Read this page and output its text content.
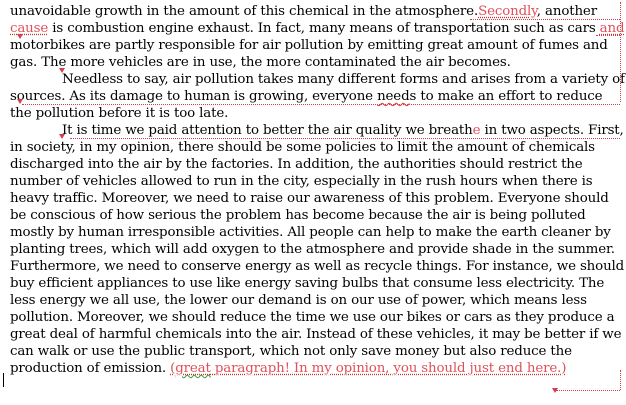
unavoidable growth in the amount of this chemical in the atmosphere.Secondly, another
cause is combustion engine exhaust. In fact, many means of transportation such as cars and
motorbikes are partly responsible for air pollution by emitting great amount of fumes and
gas. The more vehicles are in use, the more contaminated the air becomes.
Needless to say, air pollution takes many different forms and arises from a variety of
sources. As its damage to human is growing, everyone needs to make an effort to reduce
the pollution before it is too late.
It is time we paid attention to better the air quality we breathe in two aspects. First,
in society, in my opinion, there should be some policies to limit the amount of chemicals
discharged into the air by the factories. In addition, the authorities should restrict the
number of vehicles allowed to run in the city, especially in the rush hours when there is
heavy traffic. Moreover, we need to raise our awareness of this problem. Everyone should
be conscious of how serious the problem has become because the air is being polluted
mostly by human irresponsible activities. All people can help to make the earth cleaner by
planting trees, which will add oxygen to the atmosphere and provide shade in the summer.
Furthermore, we need to conserve energy as well as recycle things. For instance, we should
buy efficient appliances to use like energy saving bulbs that consume less electricity. The
less energy we all use, the lower our demand is on our use of power, which means less
pollution. Moreover, we should reduce the time we use our bikes or cars as they produce a
great deal of harmful chemicals into the air. Instead of these vehicles, it may be better if we
can walk or use the public transport, which not only save money but also reduce the
production of emission. (great paragraph! In my opinion, you should just end here.)
